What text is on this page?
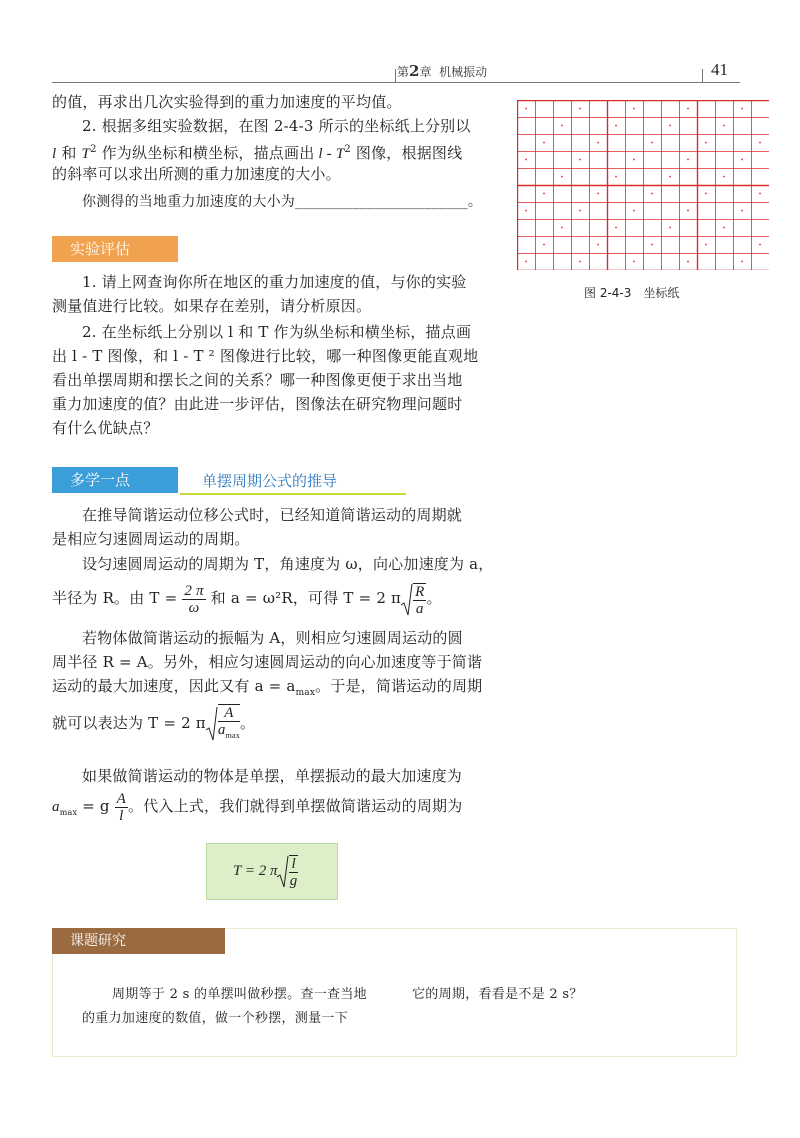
第2章 机械振动	41
的值，再求出几次实验得到的重力加速度的平均值。
2. 根据多组实验数据，在图 2-4-3 所示的坐标纸上分别以
l 和 $T^2$ 作为纵坐标和横坐标，描点画出 l - $T^2$ 图像，根据图线
的斜率可以求出所测的重力加速度的大小。
你测得的当地重力加速度的大小为________________________。
图 2-4-3　坐标纸
实验评估
1. 请上网查询你所在地区的重力加速度的值，与你的实验
测量值进行比较。如果存在差别，请分析原因。
2. 在坐标纸上分别以 l 和 T 作为纵坐标和横坐标，描点画
出 l - T 图像，和 l - T ² 图像进行比较，哪一种图像更能直观地
看出单摆周期和摆长之间的关系？哪一种图像更便于求出当地
重力加速度的值？由此进一步评估，图像法在研究物理问题时
有什么优缺点？
多学一点	单摆周期公式的推导
在推导简谐运动位移公式时，已经知道简谐运动的周期就
是相应匀速圆周运动的周期。
设匀速圆周运动的周期为 T，角速度为 ω，向心加速度为 a，
半径为 R。由 $T = \frac{2 \pi}{\omega}$ 和 a = ω²R，可得 T = 2 π $\frac{R}{a}$ 。
若物体做简谐运动的振幅为 A，则相应匀速圆周运动的圆
周半径 R = A。另外，相应匀速圆周运动的向心加速度等于简谐
运动的最大加速度，因此又有 $a = a_{max}$。于是，简谐运动的周期
就可以表达为 T = 2 π $\frac{A}{a_{max}}$ 。
如果做简谐运动的物体是单摆，单摆振动的最大加速度为
$a_{max} = g \frac{A}{l}$ 。代入上式，我们就得到单摆做简谐运动的周期为
T = 2 π $\frac{l}{g}$
课题研究
周期等于 2 s 的单摆叫做秒摆。查一查当地
的重力加速度的数值，做一个秒摆，测量一下
它的周期，看看是不是 2 s？
